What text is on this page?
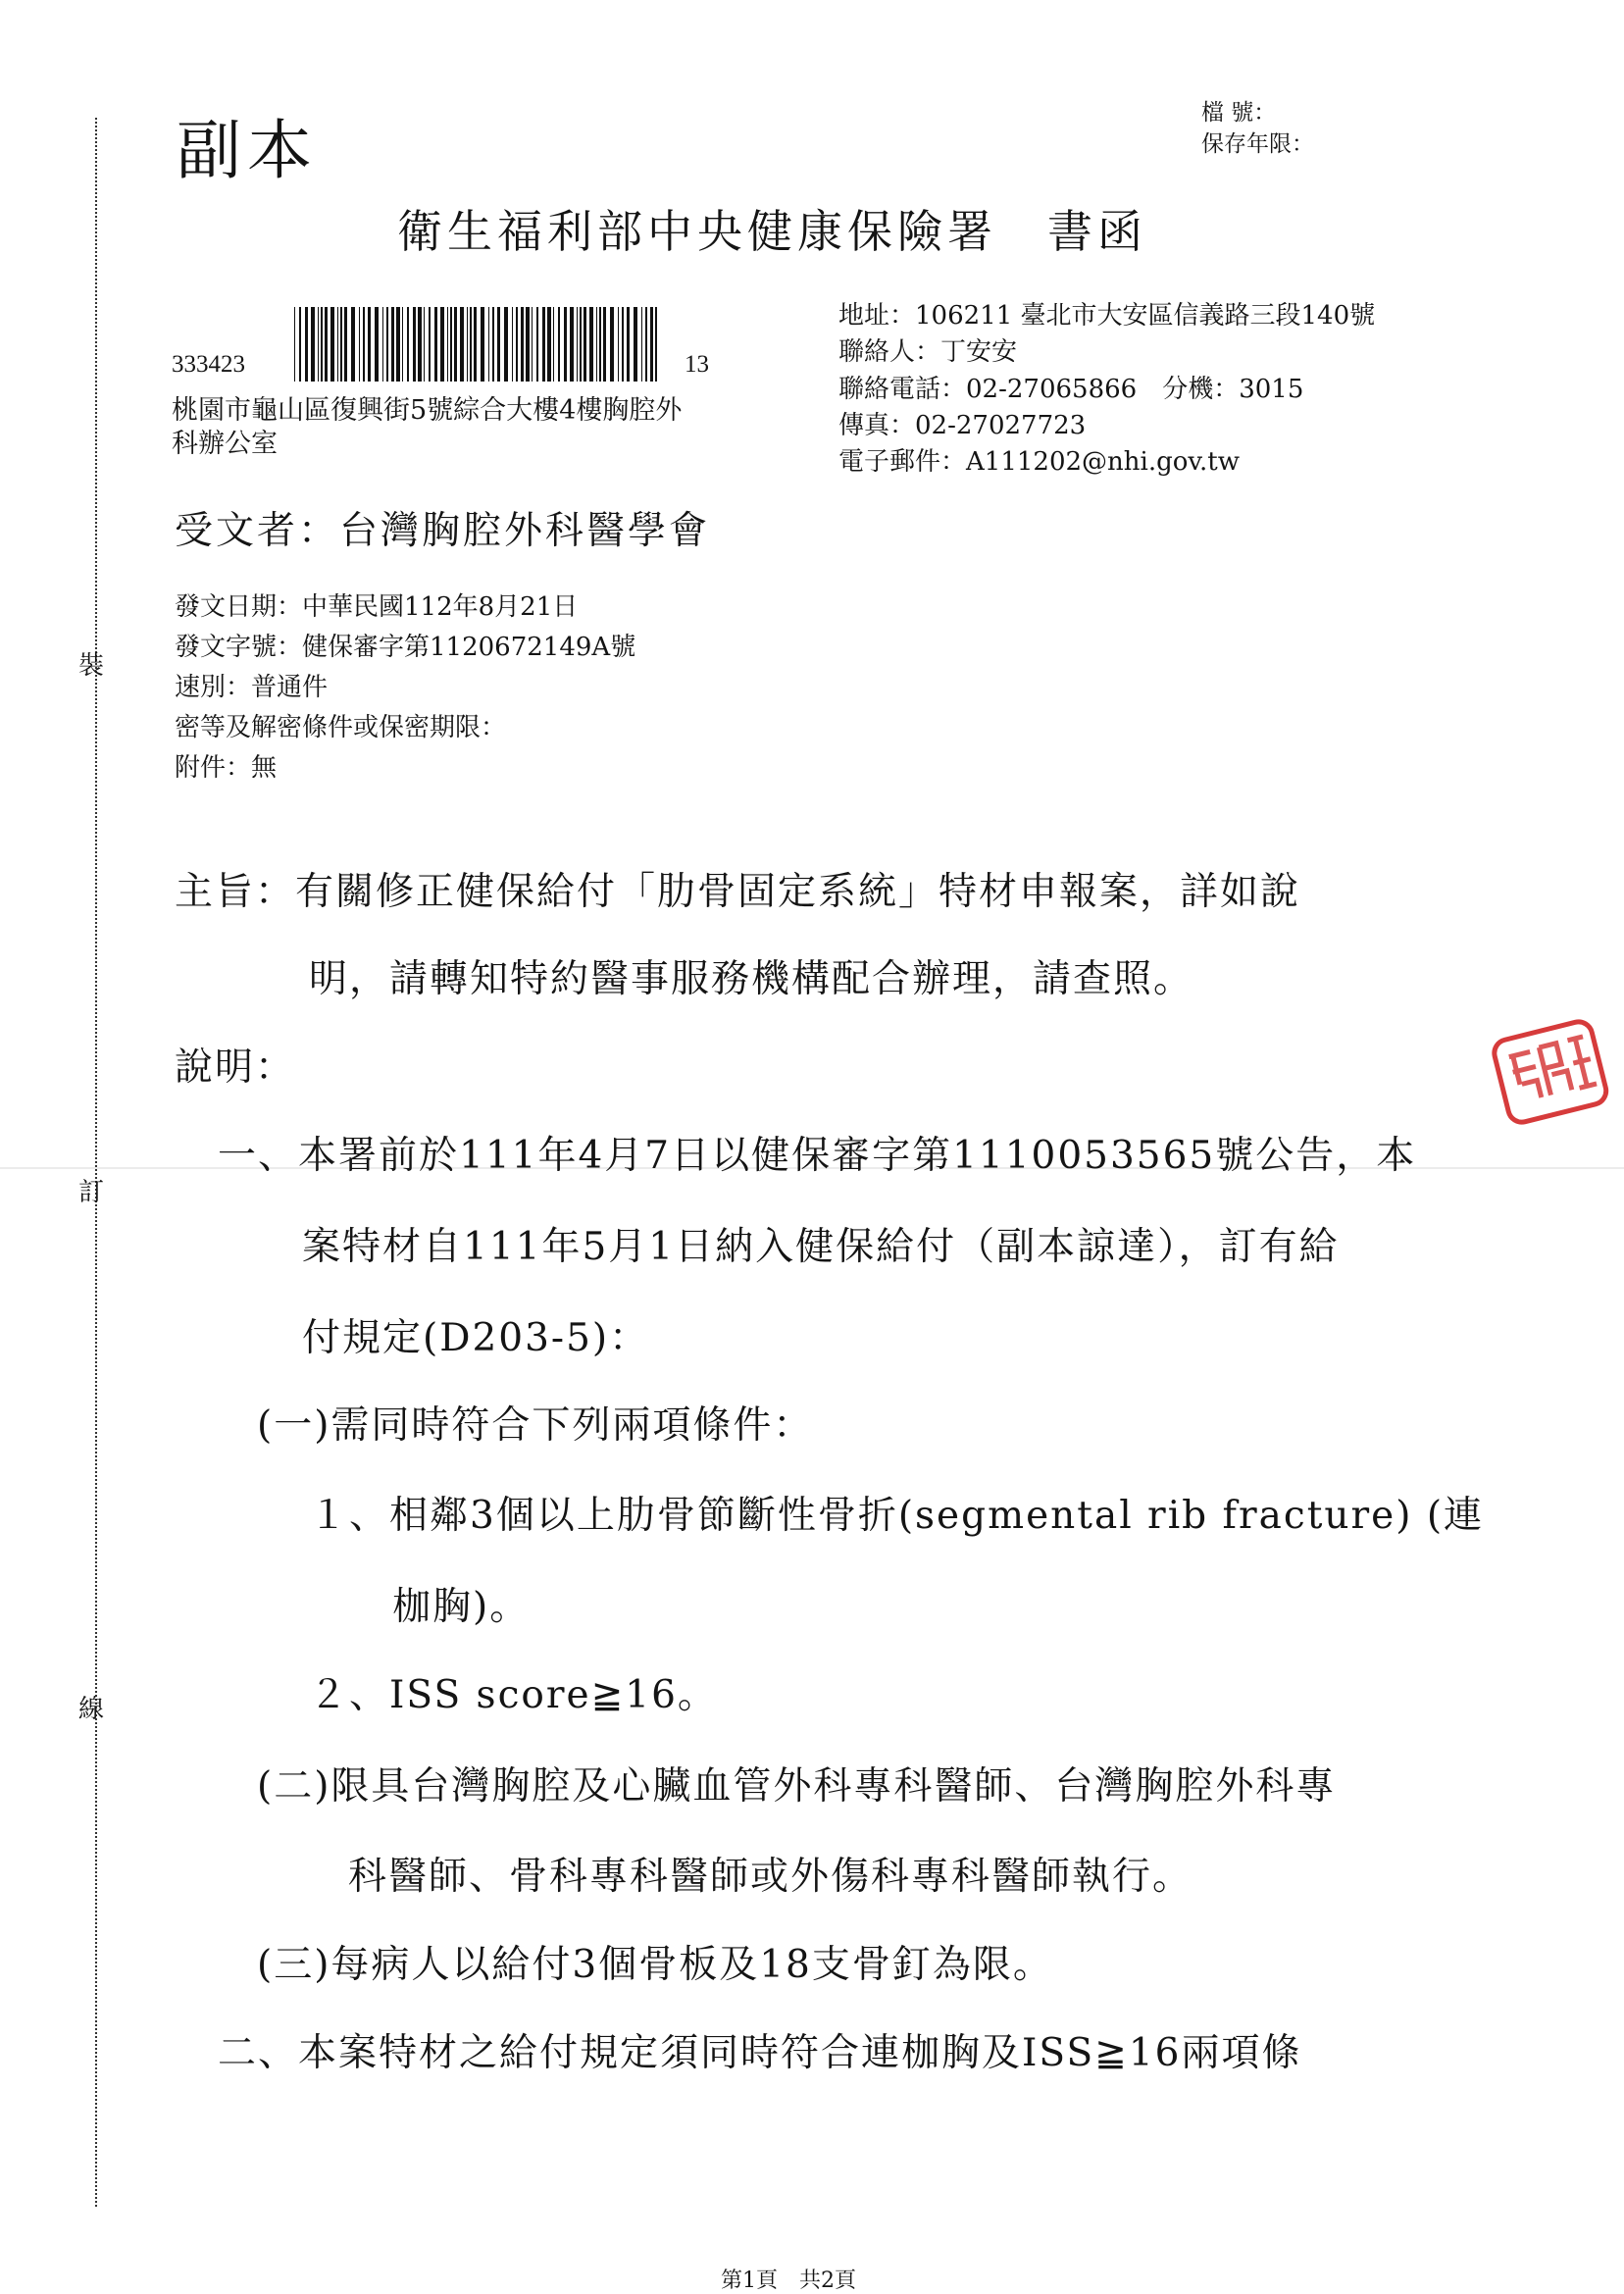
裝
訂
線
副本	檔 號：
保存年限：
衛生福利部中央健康保險署　書函
333423	13
桃園市龜山區復興街5號綜合大樓4樓胸腔外
科辦公室
地址：106211 臺北市大安區信義路三段140號
聯絡人：丁安安
聯絡電話：02-27065866　分機：3015
傳真：02-27027723
電子郵件：A111202@nhi.gov.tw
受文者：台灣胸腔外科醫學會
發文日期：中華民國112年8月21日
發文字號：健保審字第1120672149A號
速別：普通件
密等及解密條件或保密期限：
附件：無
主旨：有關修正健保給付「肋骨固定系統」特材申報案，詳如說
明，請轉知特約醫事服務機構配合辦理，請查照。
說明：
一、本署前於111年4月7日以健保審字第1110053565號公告，本
案特材自111年5月1日納入健保給付（副本諒達），訂有給
付規定(D203-5)：
(一)需同時符合下列兩項條件：
１、相鄰3個以上肋骨節斷性骨折(segmental rib fracture) (連
枷胸)。
２、ISS score≧16。
(二)限具台灣胸腔及心臟血管外科專科醫師、台灣胸腔外科專
科醫師、骨科專科醫師或外傷科專科醫師執行。
(三)每病人以給付3個骨板及18支骨釘為限。
二、本案特材之給付規定須同時符合連枷胸及ISS≧16兩項條
第1頁　共2頁
